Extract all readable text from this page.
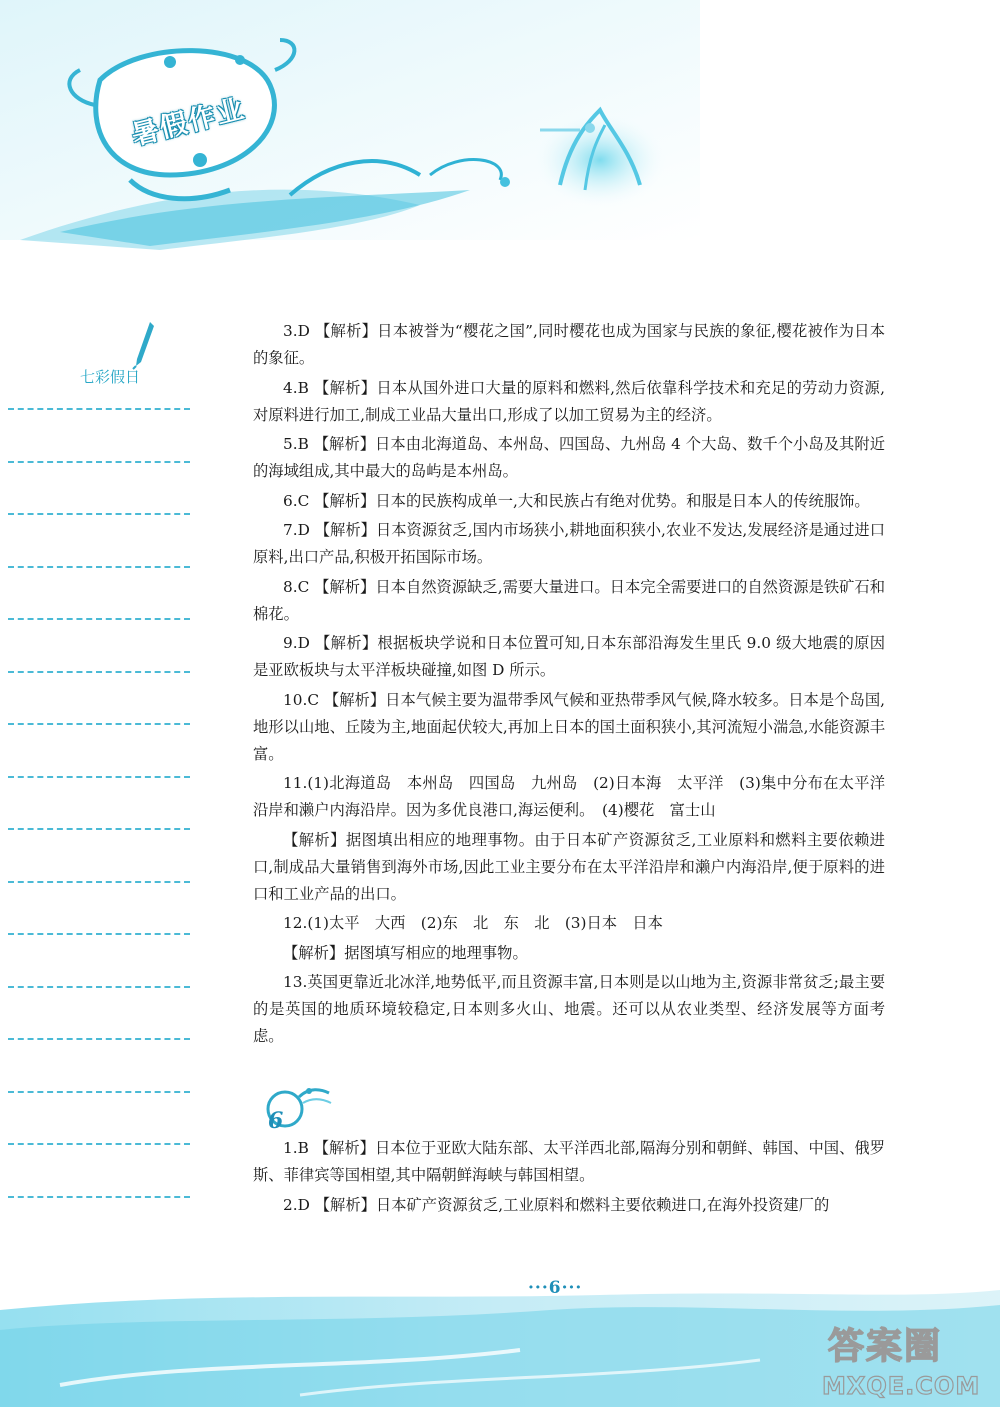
暑假作业
七彩假日

3.D 【解析】日本被誉为“樱花之国”,同时樱花也成为国家与民族的象征,樱花被作为日本的象征。

4.B 【解析】日本从国外进口大量的原料和燃料,然后依靠科学技术和充足的劳动力资源,对原料进行加工,制成工业品大量出口,形成了以加工贸易为主的经济。

5.B 【解析】日本由北海道岛、本州岛、四国岛、九州岛 4 个大岛、数千个小岛及其附近的海域组成,其中最大的岛屿是本州岛。

6.C 【解析】日本的民族构成单一,大和民族占有绝对优势。和服是日本人的传统服饰。

7.D 【解析】日本资源贫乏,国内市场狭小,耕地面积狭小,农业不发达,发展经济是通过进口原料,出口产品,积极开拓国际市场。

8.C 【解析】日本自然资源缺乏,需要大量进口。日本完全需要进口的自然资源是铁矿石和棉花。

9.D 【解析】根据板块学说和日本位置可知,日本东部沿海发生里氏 9.0 级大地震的原因是亚欧板块与太平洋板块碰撞,如图 D 所示。

10.C 【解析】日本气候主要为温带季风气候和亚热带季风气候,降水较多。日本是个岛国,地形以山地、丘陵为主,地面起伏较大,再加上日本的国土面积狭小,其河流短小湍急,水能资源丰富。

11.(1)北海道岛　本州岛　四国岛　九州岛　(2)日本海　太平洋　(3)集中分布在太平洋沿岸和濑户内海沿岸。因为多优良港口,海运便利。　(4)樱花　富士山

【解析】据图填出相应的地理事物。由于日本矿产资源贫乏,工业原料和燃料主要依赖进口,制成品大量销售到海外市场,因此工业主要分布在太平洋沿岸和濑户内海沿岸,便于原料的进口和工业产品的出口。

12.(1)太平　大西　(2)东　北　东　北　(3)日本　日本

【解析】据图填写相应的地理事物。

13.英国更靠近北冰洋,地势低平,而且资源丰富,日本则是以山地为主,资源非常贫乏;最主要的是英国的地质环境较稳定,日本则多火山、地震。还可以从农业类型、经济发展等方面考虑。

6

1.B 【解析】日本位于亚欧大陆东部、太平洋西北部,隔海分别和朝鲜、韩国、中国、俄罗斯、菲律宾等国相望,其中隔朝鲜海峡与韩国相望。

2.D 【解析】日本矿产资源贫乏,工业原料和燃料主要依赖进口,在海外投资建厂的

···6···
答案圈
MXQE.COM
